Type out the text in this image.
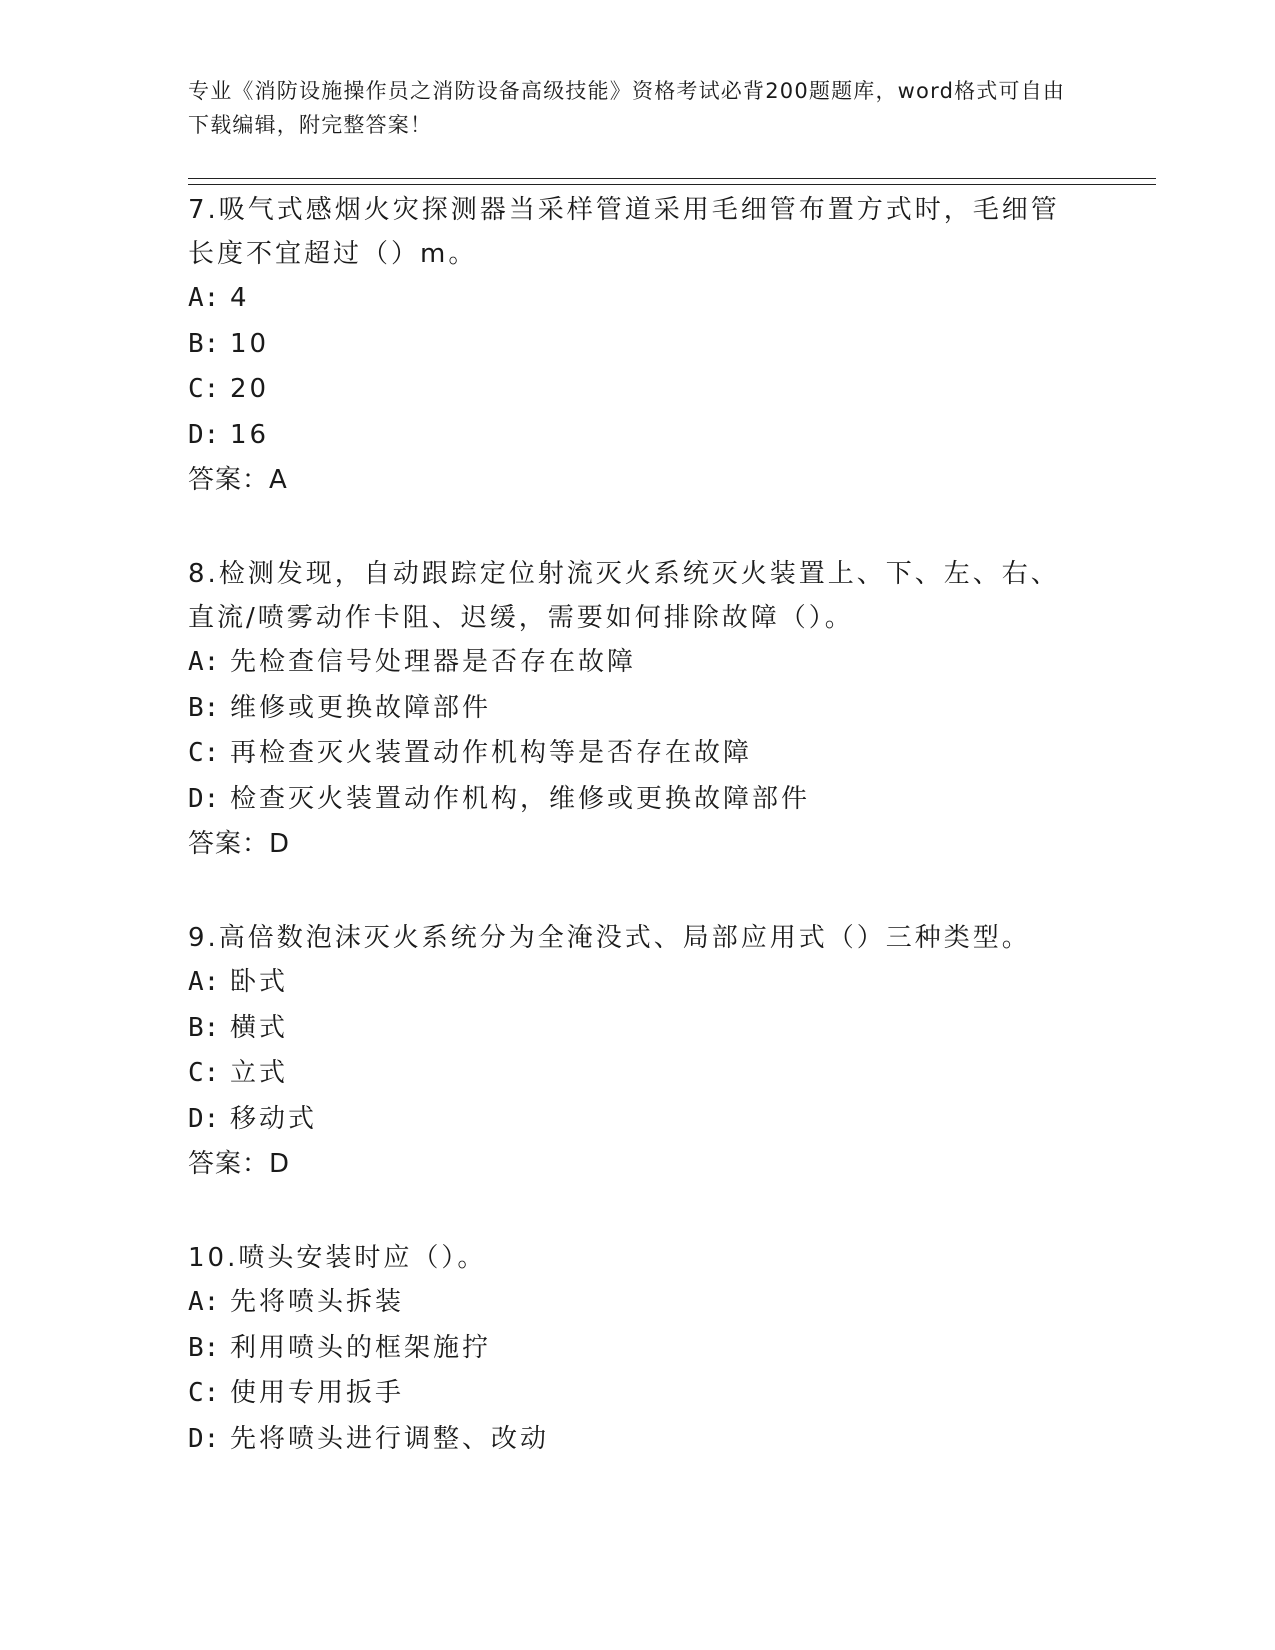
专业《消防设施操作员之消防设备高级技能》资格考试必背200题题库，word格式可自由下载编辑，附完整答案！
7.吸气式感烟火灾探测器当采样管道采用毛细管布置方式时，毛细管长度不宜超过（）m。
A: 4
B: 10
C: 20
D: 16
答案：A
8.检测发现，自动跟踪定位射流灭火系统灭火装置上、下、左、右、直流/喷雾动作卡阻、迟缓，需要如何排除故障（）。
A: 先检查信号处理器是否存在故障
B: 维修或更换故障部件
C: 再检查灭火装置动作机构等是否存在故障
D: 检查灭火装置动作机构，维修或更换故障部件
答案：D
9.高倍数泡沫灭火系统分为全淹没式、局部应用式（）三种类型。
A: 卧式
B: 横式
C: 立式
D: 移动式
答案：D
10.喷头安装时应（）。
A: 先将喷头拆装
B: 利用喷头的框架施拧
C: 使用专用扳手
D: 先将喷头进行调整、改动
